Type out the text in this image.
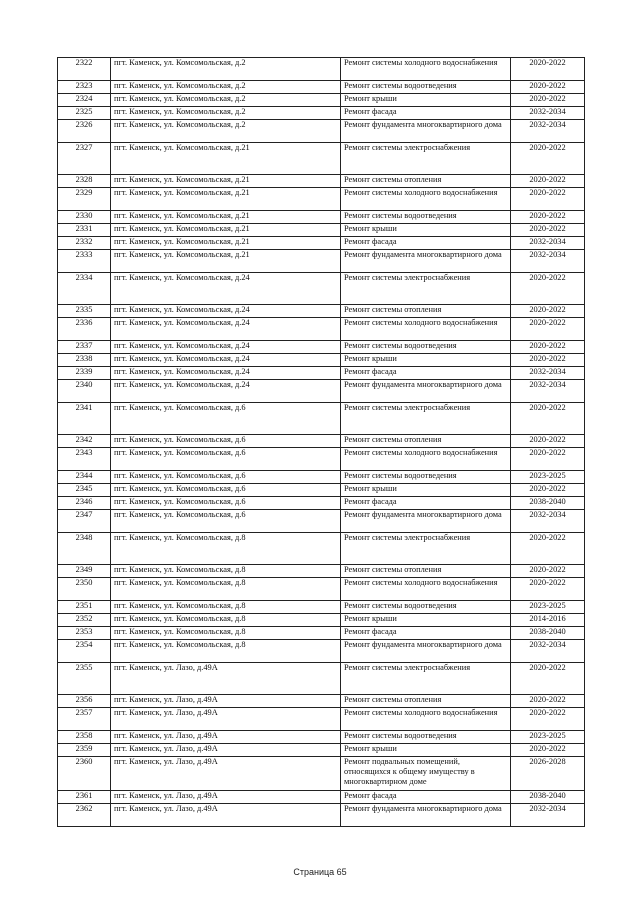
2322	пгт. Каменск, ул. Комсомольская, д.2	Ремонт системы холодного водоснабжения	2020-2022
2323	пгт. Каменск, ул. Комсомольская, д.2	Ремонт системы водоотведения	2020-2022
2324	пгт. Каменск, ул. Комсомольская, д.2	Ремонт крыши	2020-2022
2325	пгт. Каменск, ул. Комсомольская, д.2	Ремонт фасада	2032-2034
2326	пгт. Каменск, ул. Комсомольская, д.2	Ремонт фундамента многоквартирного дома	2032-2034
2327	пгт. Каменск, ул. Комсомольская, д.21	Ремонт системы электроснабжения	2020-2022
2328	пгт. Каменск, ул. Комсомольская, д.21	Ремонт системы отопления	2020-2022
2329	пгт. Каменск, ул. Комсомольская, д.21	Ремонт системы холодного водоснабжения	2020-2022
2330	пгт. Каменск, ул. Комсомольская, д.21	Ремонт системы водоотведения	2020-2022
2331	пгт. Каменск, ул. Комсомольская, д.21	Ремонт крыши	2020-2022
2332	пгт. Каменск, ул. Комсомольская, д.21	Ремонт фасада	2032-2034
2333	пгт. Каменск, ул. Комсомольская, д.21	Ремонт фундамента многоквартирного дома	2032-2034
2334	пгт. Каменск, ул. Комсомольская, д.24	Ремонт системы электроснабжения	2020-2022
2335	пгт. Каменск, ул. Комсомольская, д.24	Ремонт системы отопления	2020-2022
2336	пгт. Каменск, ул. Комсомольская, д.24	Ремонт системы холодного водоснабжения	2020-2022
2337	пгт. Каменск, ул. Комсомольская, д.24	Ремонт системы водоотведения	2020-2022
2338	пгт. Каменск, ул. Комсомольская, д.24	Ремонт крыши	2020-2022
2339	пгт. Каменск, ул. Комсомольская, д.24	Ремонт фасада	2032-2034
2340	пгт. Каменск, ул. Комсомольская, д.24	Ремонт фундамента многоквартирного дома	2032-2034
2341	пгт. Каменск, ул. Комсомольская, д.6	Ремонт системы электроснабжения	2020-2022
2342	пгт. Каменск, ул. Комсомольская, д.6	Ремонт системы отопления	2020-2022
2343	пгт. Каменск, ул. Комсомольская, д.6	Ремонт системы холодного водоснабжения	2020-2022
2344	пгт. Каменск, ул. Комсомольская, д.6	Ремонт системы водоотведения	2023-2025
2345	пгт. Каменск, ул. Комсомольская, д.6	Ремонт крыши	2020-2022
2346	пгт. Каменск, ул. Комсомольская, д.6	Ремонт фасада	2038-2040
2347	пгт. Каменск, ул. Комсомольская, д.6	Ремонт фундамента многоквартирного дома	2032-2034
2348	пгт. Каменск, ул. Комсомольская, д.8	Ремонт системы электроснабжения	2020-2022
2349	пгт. Каменск, ул. Комсомольская, д.8	Ремонт системы отопления	2020-2022
2350	пгт. Каменск, ул. Комсомольская, д.8	Ремонт системы холодного водоснабжения	2020-2022
2351	пгт. Каменск, ул. Комсомольская, д.8	Ремонт системы водоотведения	2023-2025
2352	пгт. Каменск, ул. Комсомольская, д.8	Ремонт крыши	2014-2016
2353	пгт. Каменск, ул. Комсомольская, д.8	Ремонт фасада	2038-2040
2354	пгт. Каменск, ул. Комсомольская, д.8	Ремонт фундамента многоквартирного дома	2032-2034
2355	пгт. Каменск, ул. Лазо, д.49А	Ремонт системы электроснабжения	2020-2022
2356	пгт. Каменск, ул. Лазо, д.49А	Ремонт системы отопления	2020-2022
2357	пгт. Каменск, ул. Лазо, д.49А	Ремонт системы холодного водоснабжения	2020-2022
2358	пгт. Каменск, ул. Лазо, д.49А	Ремонт системы водоотведения	2023-2025
2359	пгт. Каменск, ул. Лазо, д.49А	Ремонт крыши	2020-2022
2360	пгт. Каменск, ул. Лазо, д.49А	Ремонт подвальных помещений, относящихся к общему имуществу в многоквартирном доме	2026-2028
2361	пгт. Каменск, ул. Лазо, д.49А	Ремонт фасада	2038-2040
2362	пгт. Каменск, ул. Лазо, д.49А	Ремонт фундамента многоквартирного дома	2032-2034
Страница 65
